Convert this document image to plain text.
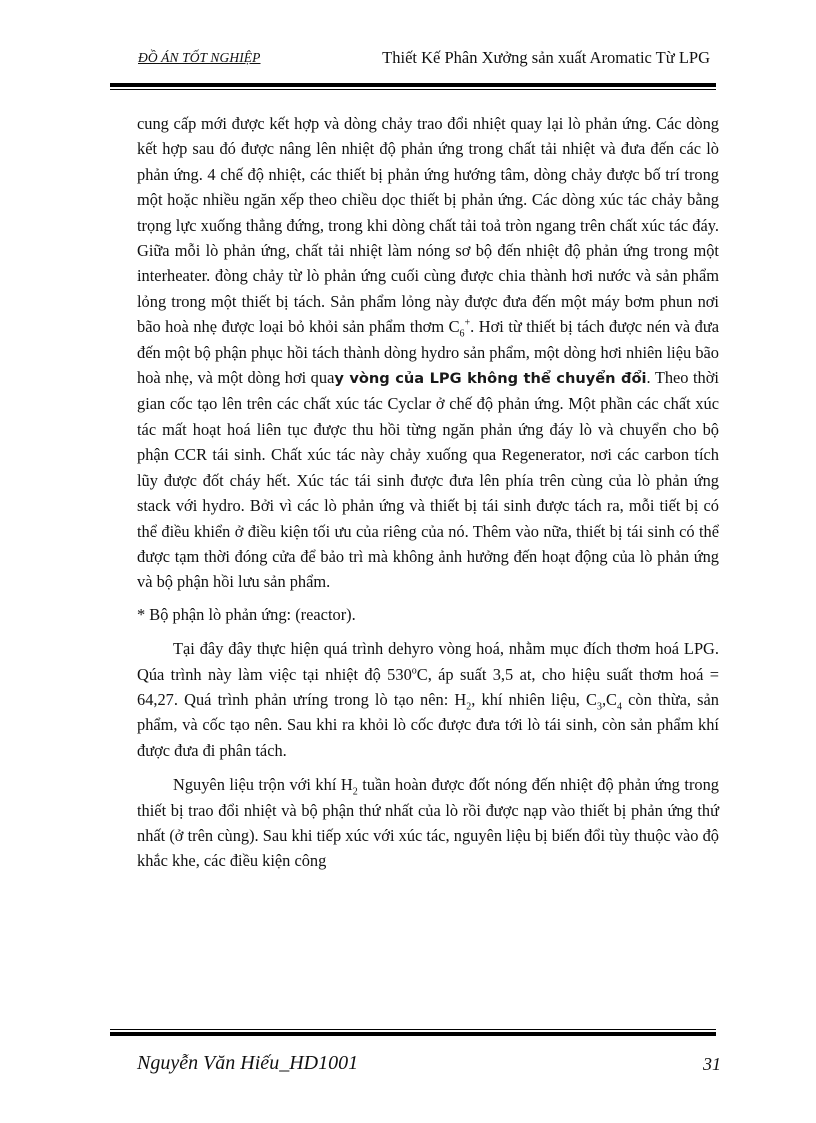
ĐỒ ÁN TỐT NGHIỆP	Thiết Kế Phân Xưởng sản xuất Aromatic Từ LPG

cung cấp mới được kết hợp và dòng chảy trao đổi nhiệt quay lại lò phản ứng. Các dòng kết hợp sau đó được nâng lên nhiệt độ phản ứng trong chất tải nhiệt và đưa đến các lò phản ứng. 4 chế độ nhiệt, các thiết bị phản ứng hướng tâm, dòng chảy được bố trí trong một hoặc nhiều ngăn xếp theo chiều dọc thiết bị phản ứng. Các dòng xúc tác chảy bằng trọng lực xuống thẳng đứng, trong khi dòng chất tải toả tròn ngang trên chất xúc tác đáy. Giữa mỗi lò phản ứng, chất tải nhiệt làm nóng sơ bộ đến nhiệt độ phản ứng trong một interheater. đòng chảy từ lò phản ứng cuối cùng được chia thành hơi nước và sản phẩm lỏng trong một thiết bị tách. Sản phẩm lỏng này được đưa đến một máy bơm phun nơi bão hoà nhẹ được loại bỏ khỏi sản phẩm thơm $C_6^+$. Hơi từ thiết bị tách được nén và đưa đến một bộ phận phục hồi tách thành dòng hydro sản phẩm, một dòng hơi nhiên liệu bão hoà nhẹ, và một dòng hơi quay vòng của LPG không thể chuyển đổi. Theo thời gian cốc tạo lên trên các chất xúc tác Cyclar ở chế độ phản ứng. Một phần các chất xúc tác mất hoạt hoá liên tục được thu hồi từng ngăn phản ứng đáy lò và chuyển cho bộ phận CCR tái sinh. Chất xúc tác này chảy xuống qua Regenerator, nơi các carbon tích lũy được đốt cháy hết. Xúc tác tái sinh được đưa lên phía trên cùng của lò phản ứng stack với hydro. Bởi vì các lò phản ứng và thiết bị tái sinh được tách ra, mỗi tiết bị có thể điều khiển ở điều kiện tối ưu của riêng của nó. Thêm vào nữa, thiết bị tái sinh có thể được tạm thời đóng cửa để bảo trì mà không ảnh hưởng đến hoạt động của lò phản ứng và bộ phận hồi lưu sản phẩm.

* Bộ phận lò phản ứng: (reactor).

Tại đây đây thực hiện quá trình dehyro vòng hoá, nhằm mục đích thơm hoá LPG. Qúa trình này làm việc tại nhiệt độ 530$^o$C, áp suất 3,5 at, cho hiệu suất thơm hoá = 64,27. Quá trình phản ưríng trong lò tạo nên: $H_2$, khí nhiên liệu, $C_3,C_4$ còn thừa, sản phẩm, và cốc tạo nên. Sau khi ra khỏi lò cốc được đưa tới lò tái sinh, còn sản phẩm khí được đưa đi phân tách.

Nguyên liệu trộn với khí $H_2$ tuần hoàn được đốt nóng đến nhiệt độ phản ứng trong thiết bị trao đổi nhiệt và bộ phận thứ nhất của lò rồi được nạp vào thiết bị phản ứng thứ nhất (ở trên cùng). Sau khi tiếp xúc với xúc tác, nguyên liệu bị biến đổi tùy thuộc vào độ khắc khe, các điều kiện công

Nguyễn Văn Hiếu_HD1001	31
